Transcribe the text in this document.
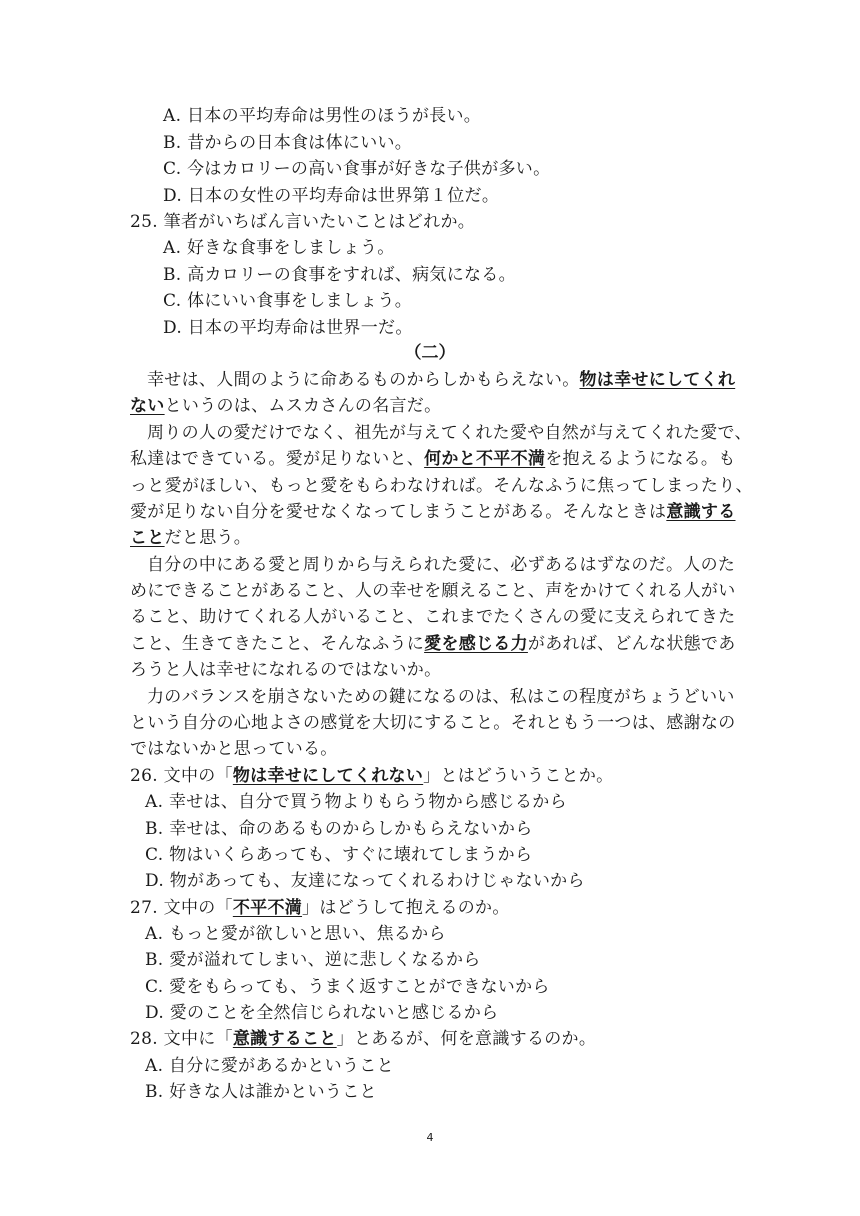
A. 日本の平均寿命は男性のほうが長い。
B. 昔からの日本食は体にいい。
C. 今はカロリーの高い食事が好きな子供が多い。
D. 日本の女性の平均寿命は世界第１位だ。
25. 筆者がいちばん言いたいことはどれか。
A. 好きな食事をしましょう。
B. 高カロリーの食事をすれば、病気になる。
C. 体にいい食事をしましょう。
D. 日本の平均寿命は世界一だ。
（二）
幸せは、人間のように命あるものからしかもらえない。物は幸せにしてくれ
ないというのは、ムスカさんの名言だ。
周りの人の愛だけでなく、祖先が与えてくれた愛や自然が与えてくれた愛で、
私達はできている。愛が足りないと、何かと不平不満を抱えるようになる。も
っと愛がほしい、もっと愛をもらわなければ。そんなふうに焦ってしまったり、
愛が足りない自分を愛せなくなってしまうことがある。そんなときは意識する
ことだと思う。
自分の中にある愛と周りから与えられた愛に、必ずあるはずなのだ。人のた
めにできることがあること、人の幸せを願えること、声をかけてくれる人がい
ること、助けてくれる人がいること、これまでたくさんの愛に支えられてきた
こと、生きてきたこと、そんなふうに愛を感じる力があれば、どんな状態であ
ろうと人は幸せになれるのではないか。
力のバランスを崩さないための鍵になるのは、私はこの程度がちょうどいい
という自分の心地よさの感覚を大切にすること。それともう一つは、感謝なの
ではないかと思っている。
26. 文中の「物は幸せにしてくれない」とはどういうことか。
A. 幸せは、自分で買う物よりもらう物から感じるから
B. 幸せは、命のあるものからしかもらえないから
C. 物はいくらあっても、すぐに壊れてしまうから
D. 物があっても、友達になってくれるわけじゃないから
27. 文中の「不平不満」はどうして抱えるのか。
A. もっと愛が欲しいと思い、焦るから
B. 愛が溢れてしまい、逆に悲しくなるから
C. 愛をもらっても、うまく返すことができないから
D. 愛のことを全然信じられないと感じるから
28. 文中に「意識すること」とあるが、何を意識するのか。
A. 自分に愛があるかということ
B. 好きな人は誰かということ
4
